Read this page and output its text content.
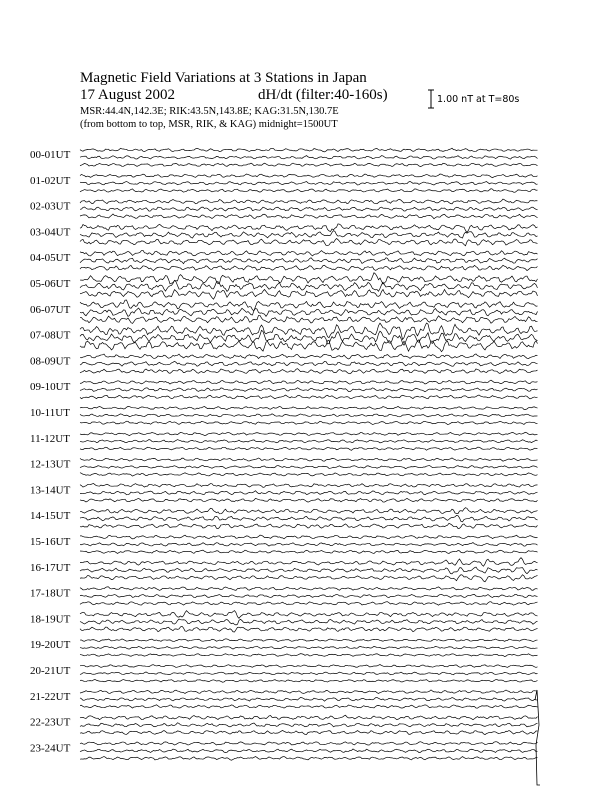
Magnetic Field Variations at 3 Stations in Japan
17 August 2002	dH/dt (filter:40-160s)
MSR:44.4N,142.3E; RIK:43.5N,143.8E; KAG:31.5N,130.7E
(from bottom to top, MSR, RIK, & KAG) midnight=1500UT
1.00 nT at T=80s
00-01UT
01-02UT
02-03UT
03-04UT
04-05UT
05-06UT
06-07UT
07-08UT
08-09UT
09-10UT
10-11UT
11-12UT
12-13UT
13-14UT
14-15UT
15-16UT
16-17UT
17-18UT
18-19UT
19-20UT
20-21UT
21-22UT
22-23UT
23-24UT
